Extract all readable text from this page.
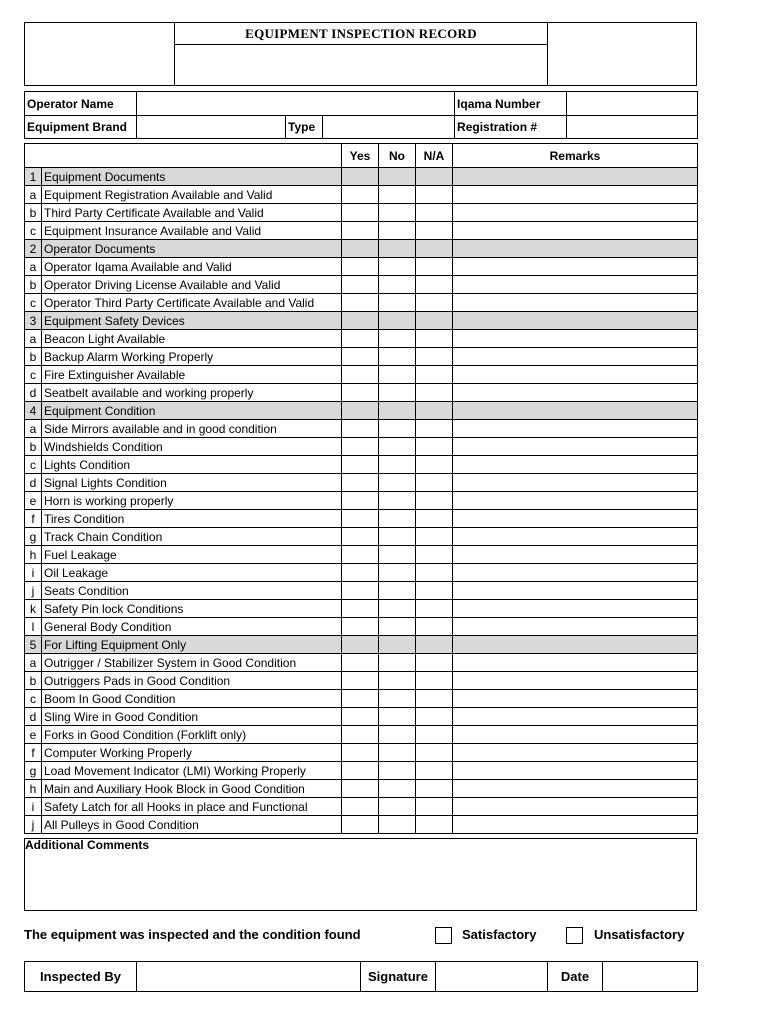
EQUIPMENT INSPECTION RECORD
Operator Name				Iqama Number	
Equipment Brand		Type		Registration #	
		Yes	No	N/A	Remarks
1	Equipment Documents				
a	Equipment Registration Available and Valid				
b	Third Party Certificate Available and Valid				
c	Equipment Insurance Available and Valid				
2	Operator Documents				
a	Operator Iqama Available and Valid				
b	Operator Driving License Available and Valid				
c	Operator Third Party Certificate Available and Valid				
3	Equipment Safety Devices				
a	Beacon Light Available				
b	Backup Alarm Working Properly				
c	Fire Extinguisher Available				
d	Seatbelt available and working properly				
4	Equipment Condition				
a	Side Mirrors available and in good condition				
b	Windshields Condition				
c	Lights Condition				
d	Signal Lights Condition				
e	Horn is working properly				
f	Tires Condition				
g	Track Chain Condition				
h	Fuel Leakage				
i	Oil Leakage				
j	Seats Condition				
k	Safety Pin lock Conditions				
l	General Body Condition				
5	For Lifting Equipment Only				
a	Outrigger / Stabilizer System in Good Condition				
b	Outriggers Pads in Good Condition				
c	Boom In Good Condition				
d	Sling Wire in Good Condition				
e	Forks in Good Condition (Forklift only)				
f	Computer Working Properly				
g	Load Movement Indicator (LMI) Working Properly				
h	Main and Auxiliary Hook Block in Good Condition				
i	Safety Latch for all Hooks in place and Functional				
j	All Pulleys in Good Condition				
Additional Comments
The equipment was inspected and the condition found	Satisfactory	Unsatisfactory
Inspected By		Signature		Date	
